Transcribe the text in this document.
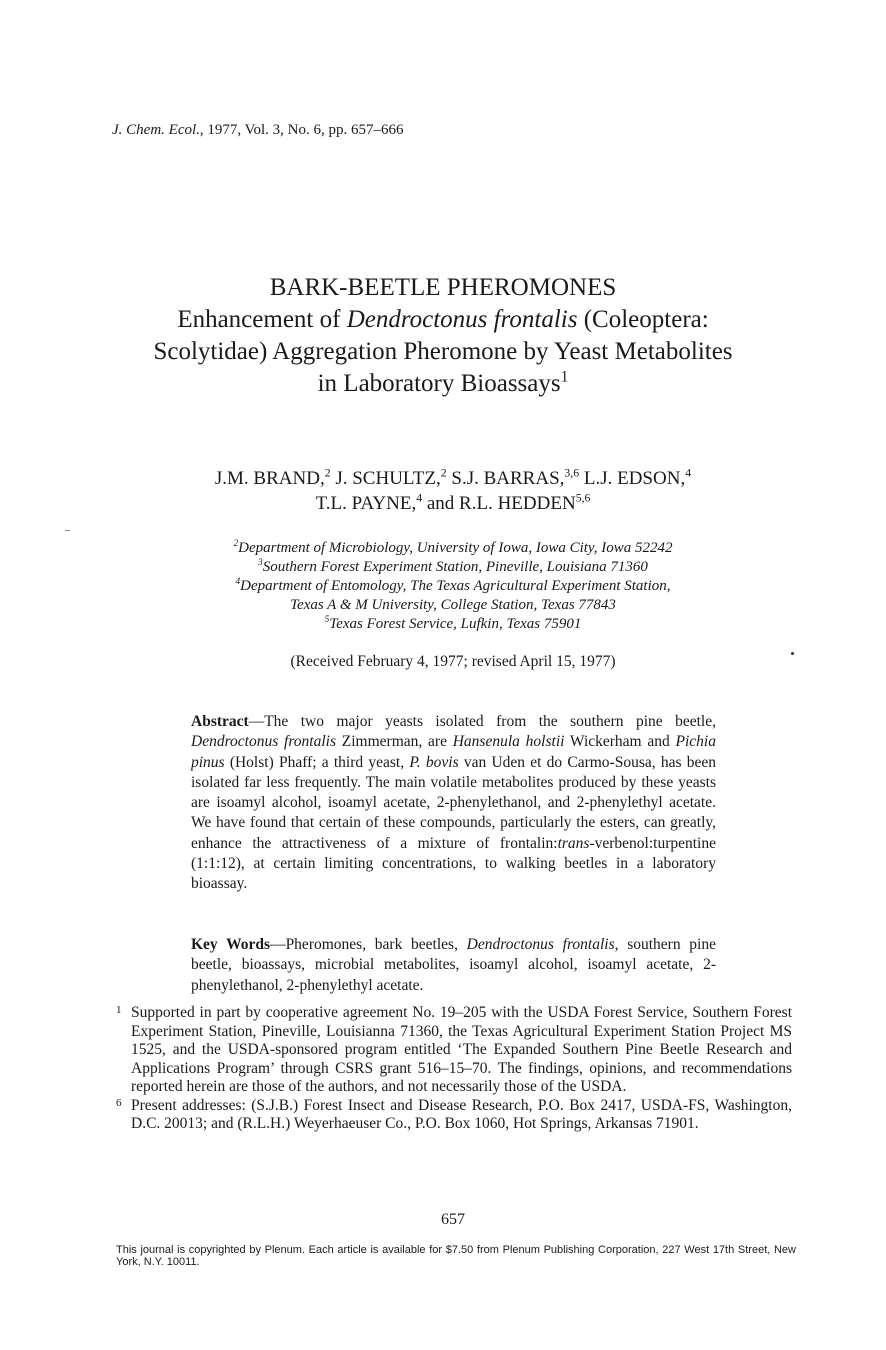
J. Chem. Ecol., 1977, Vol. 3, No. 6, pp. 657–666
BARK-BEETLE PHEROMONES
Enhancement of Dendroctonus frontalis (Coleoptera:
Scolytidae) Aggregation Pheromone by Yeast Metabolites
in Laboratory Bioassays$^1$
J.M. BRAND,$^2$ J. SCHULTZ,$^2$ S.J. BARRAS,$^{3,6}$ L.J. EDSON,$^4$
T.L. PAYNE,$^4$ and R.L. HEDDEN$^{5,6}$
$^2$Department of Microbiology, University of Iowa, Iowa City, Iowa 52242
$^3$Southern Forest Experiment Station, Pineville, Louisiana 71360
$^4$Department of Entomology, The Texas Agricultural Experiment Station,
Texas A & M University, College Station, Texas 77843
$^5$Texas Forest Service, Lufkin, Texas 75901
(Received February 4, 1977; revised April 15, 1977)
Abstract—The two major yeasts isolated from the southern pine beetle, Dendroctonus frontalis Zimmerman, are Hansenula holstii Wickerham and Pichia pinus (Holst) Phaff; a third yeast, P. bovis van Uden et do Carmo-Sousa, has been isolated far less frequently. The main volatile metabolites produced by these yeasts are isoamyl alcohol, isoamyl acetate, 2-phenylethanol, and 2-phenylethyl acetate. We have found that certain of these compounds, particularly the esters, can greatly, enhance the attractiveness of a mixture of frontalin:trans-verbenol:turpentine (1:1:12), at certain limiting concentrations, to walking beetles in a laboratory bioassay.
Key Words—Pheromones, bark beetles, Dendroctonus frontalis, southern pine beetle, bioassays, microbial metabolites, isoamyl alcohol, isoamyl acetate, 2-phenylethanol, 2-phenylethyl acetate.
1 Supported in part by cooperative agreement No. 19–205 with the USDA Forest Service, Southern Forest Experiment Station, Pineville, Louisianna 71360, the Texas Agricultural Experiment Station Project MS 1525, and the USDA-sponsored program entitled ‘The Expanded Southern Pine Beetle Research and Applications Program’ through CSRS grant 516–15–70. The findings, opinions, and recommendations reported herein are those of the authors, and not necessarily those of the USDA.
6 Present addresses: (S.J.B.) Forest Insect and Disease Research, P.O. Box 2417, USDA-FS, Washington, D.C. 20013; and (R.L.H.) Weyerhaeuser Co., P.O. Box 1060, Hot Springs, Arkansas 71901.
657
This journal is copyrighted by Plenum. Each article is available for $7.50 from Plenum Publishing Corporation, 227 West 17th Street, New York, N.Y. 10011.
